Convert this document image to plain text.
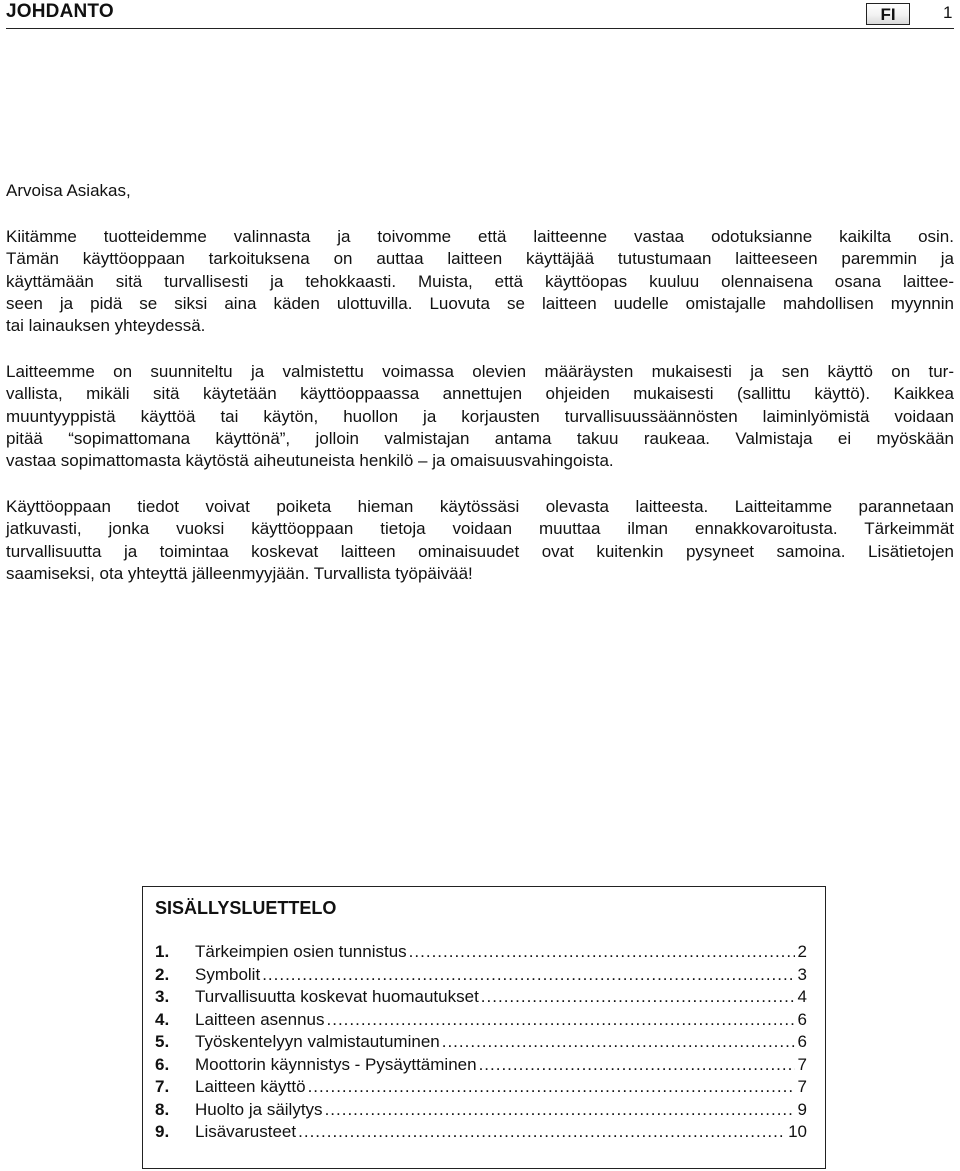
JOHDANTO	FI	1

Arvoisa Asiakas,

Kiitämme tuotteidemme valinnasta ja toivomme että laitteenne vastaa odotuksianne kaikilta osin.
Tämän käyttöoppaan tarkoituksena on auttaa laitteen käyttäjää tutustumaan laitteeseen paremmin ja
käyttämään sitä turvallisesti ja tehokkaasti. Muista, että käyttöopas kuuluu olennaisena osana laittee-
seen ja pidä se siksi aina käden ulottuvilla. Luovuta se laitteen uudelle omistajalle mahdollisen myynnin
tai lainauksen yhteydessä.

Laitteemme on suunniteltu ja valmistettu voimassa olevien määräysten mukaisesti ja sen käyttö on tur-
vallista, mikäli sitä käytetään käyttöoppaassa annettujen ohjeiden mukaisesti (sallittu käyttö). Kaikkea
muuntyyppistä käyttöä tai käytön, huollon ja korjausten turvallisuussäännösten laiminlyömistä voidaan
pitää “sopimattomana käyttönä”, jolloin valmistajan antama takuu raukeaa. Valmistaja ei myöskään
vastaa sopimattomasta käytöstä aiheutuneista henkilö – ja omaisuusvahingoista.

Käyttöoppaan tiedot voivat poiketa hieman käytössäsi olevasta laitteesta. Laitteitamme parannetaan
jatkuvasti, jonka vuoksi käyttöoppaan tietoja voidaan muuttaa ilman ennakkovaroitusta. Tärkeimmät
turvallisuutta ja toimintaa koskevat laitteen ominaisuudet ovat kuitenkin pysyneet samoina. Lisätietojen
saamiseksi, ota yhteyttä jälleenmyyjään. Turvallista työpäivää!

SISÄLLYSLUETTELO
1.	Tärkeimpien osien tunnistus .....	2
2.	Symbolit .....	3
3.	Turvallisuutta koskevat huomautukset .....	4
4.	Laitteen asennus .....	6
5.	Työskentelyyn valmistautuminen .....	6
6.	Moottorin käynnistys - Pysäyttäminen .....	7
7.	Laitteen käyttö .....	7
8.	Huolto ja säilytys .....	9
9.	Lisävarusteet .....	10
